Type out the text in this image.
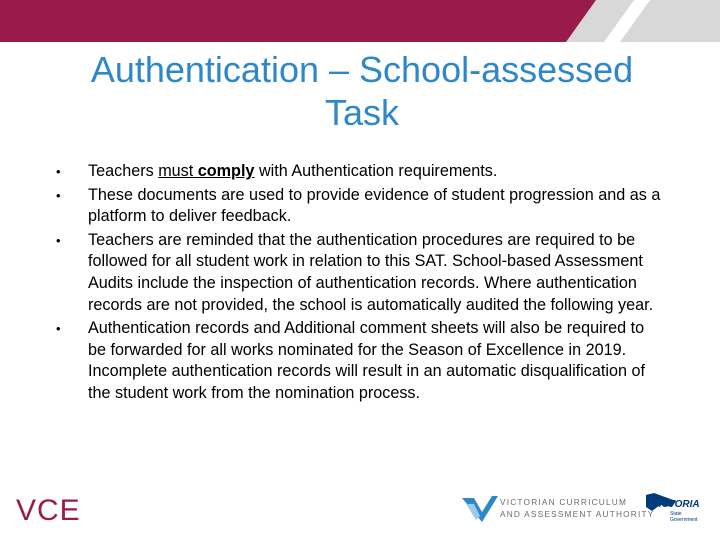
Authentication – School-assessed
Task
• Teachers must comply with Authentication requirements.
• These documents are used to provide evidence of student progression and as a platform to deliver feedback.
• Teachers are reminded that the authentication procedures are required to be followed for all student work in relation to this SAT. School-based Assessment Audits include the inspection of authentication records. Where authentication records are not provided, the school is automatically audited the following year.
• Authentication records and Additional comment sheets will also be required to be forwarded for all works nominated for the Season of Excellence in 2019. Incomplete authentication records will result in an automatic disqualification of the student work from the nomination process.
VCE	VICTORIAN CURRICULUM
AND ASSESSMENT AUTHORITY
VICTORIA
State
Government
